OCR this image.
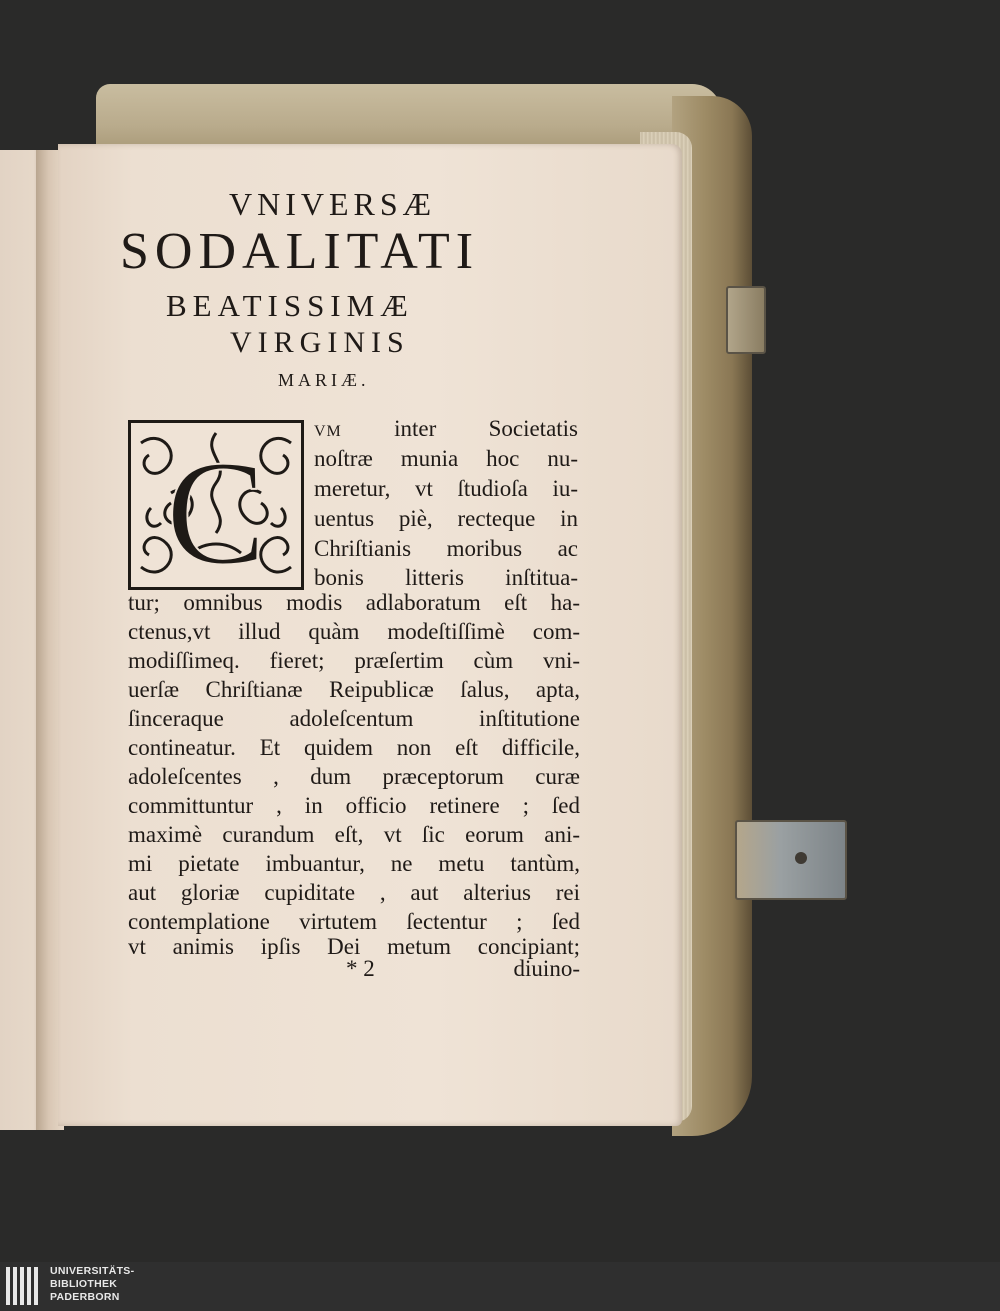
VNIVERSÆ
SODALITATI
BEATISSIMÆ
VIRGINIS
MARIÆ.
C	VM inter Societatis
noſtræ munia hoc nu-
meretur, vt ſtudioſa iu-
uentus piè, recteque in
Chriſtianis moribus ac
bonis litteris inſtitua-
tur; omnibus modis adlaboratum eſt ha-
ctenus,vt illud quàm modeſtiſſimè com-
modiſſimeq. fieret; præſertim cùm vni-
uerſæ Chriſtianæ Reipublicæ ſalus, apta,
ſinceraque adoleſcentum inſtitutione
contineatur. Et quidem non eſt difficile,
adoleſcentes , dum præceptorum curæ
committuntur , in officio retinere ; ſed
maximè curandum eſt, vt ſic eorum ani-
mi pietate imbuantur, ne metu tantùm,
aut gloriæ cupiditate , aut alterius rei
contemplatione virtutem ſectentur ; ſed
vt animis ipſis Dei metum concipiant;
* 2	diuino-
UNIVERSITÄTS-
BIBLIOTHEK
PADERBORN
